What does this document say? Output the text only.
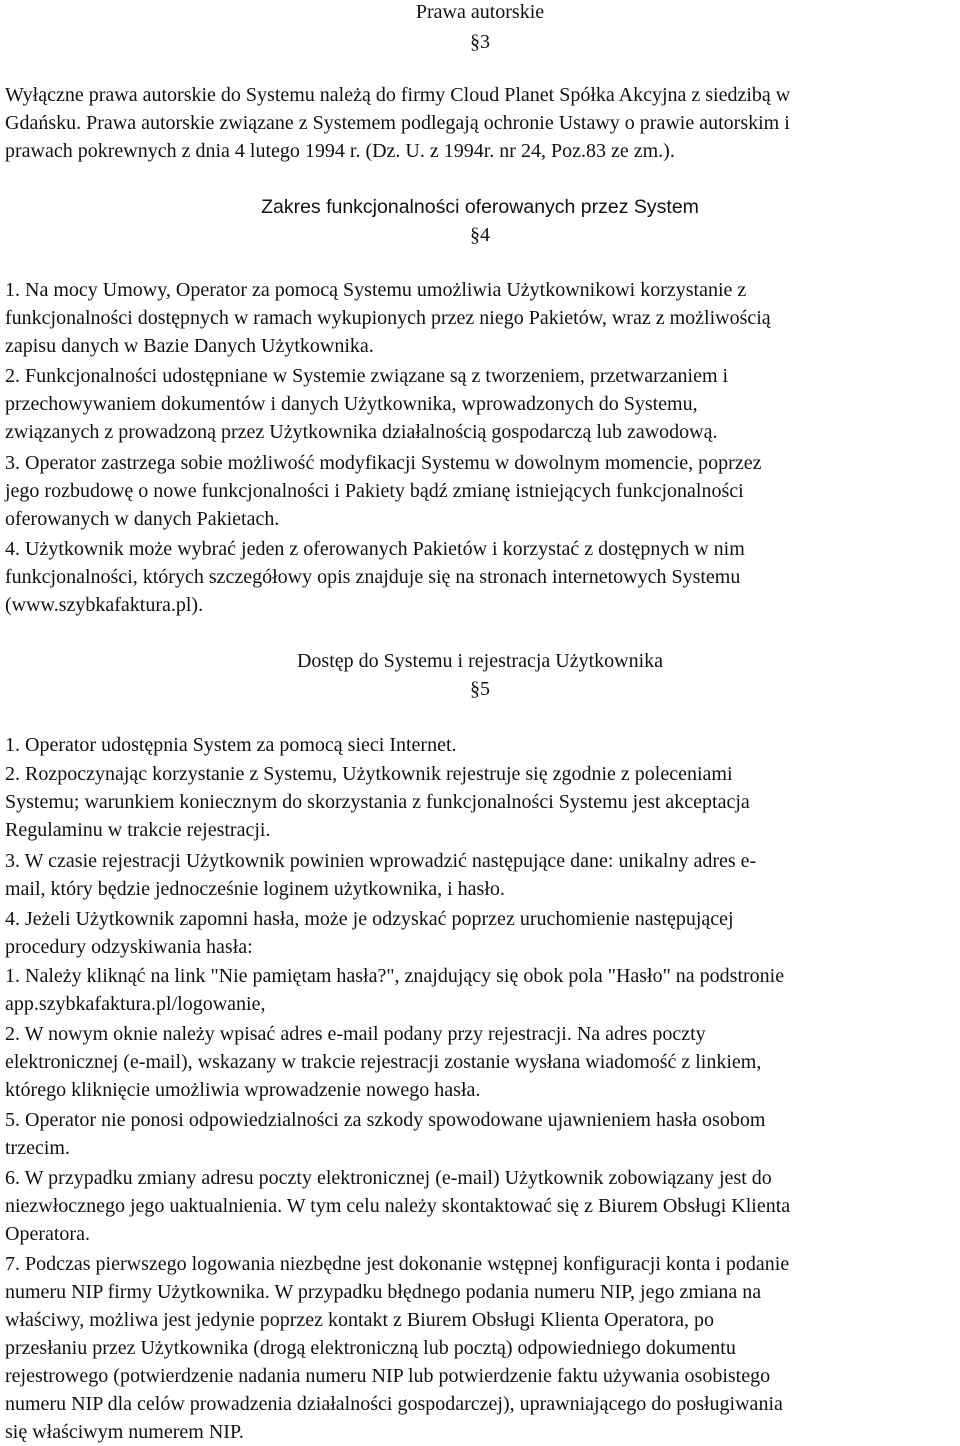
Prawa autorskie
§3
Wyłączne prawa autorskie do Systemu należą do firmy Cloud Planet Spółka Akcyjna z siedzibą w
Gdańsku. Prawa autorskie związane z Systemem podlegają ochronie Ustawy o prawie autorskim i
prawach pokrewnych z dnia 4 lutego 1994 r. (Dz. U. z 1994r. nr 24, Poz.83 ze zm.).
Zakres funkcjonalności oferowanych przez System
§4
1. Na mocy Umowy, Operator za pomocą Systemu umożliwia Użytkownikowi korzystanie z
funkcjonalności dostępnych w ramach wykupionych przez niego Pakietów, wraz z możliwością
zapisu danych w Bazie Danych Użytkownika.
2. Funkcjonalności udostępniane w Systemie związane są z tworzeniem, przetwarzaniem i
przechowywaniem dokumentów i danych Użytkownika, wprowadzonych do Systemu,
związanych z prowadzoną przez Użytkownika działalnością gospodarczą lub zawodową.
3. Operator zastrzega sobie możliwość modyfikacji Systemu w dowolnym momencie, poprzez
jego rozbudowę o nowe funkcjonalności i Pakiety bądź zmianę istniejących funkcjonalności
oferowanych w danych Pakietach.
4. Użytkownik może wybrać jeden z oferowanych Pakietów i korzystać z dostępnych w nim
funkcjonalności, których szczegółowy opis znajduje się na stronach internetowych Systemu
(www.szybkafaktura.pl).
Dostęp do Systemu i rejestracja Użytkownika
§5
1. Operator udostępnia System za pomocą sieci Internet.
2. Rozpoczynając korzystanie z Systemu, Użytkownik rejestruje się zgodnie z poleceniami
Systemu; warunkiem koniecznym do skorzystania z funkcjonalności Systemu jest akceptacja
Regulaminu w trakcie rejestracji.
3. W czasie rejestracji Użytkownik powinien wprowadzić następujące dane: unikalny adres e-
mail, który będzie jednocześnie loginem użytkownika, i hasło.
4. Jeżeli Użytkownik zapomni hasła, może je odzyskać poprzez uruchomienie następującej
procedury odzyskiwania hasła:
1. Należy kliknąć na link "Nie pamiętam hasła?", znajdujący się obok pola "Hasło" na podstronie
app.szybkafaktura.pl/logowanie,
2. W nowym oknie należy wpisać adres e-mail podany przy rejestracji. Na adres poczty
elektronicznej (e-mail), wskazany w trakcie rejestracji zostanie wysłana wiadomość z linkiem,
którego kliknięcie umożliwia wprowadzenie nowego hasła.
5. Operator nie ponosi odpowiedzialności za szkody spowodowane ujawnieniem hasła osobom
trzecim.
6. W przypadku zmiany adresu poczty elektronicznej (e-mail) Użytkownik zobowiązany jest do
niezwłocznego jego uaktualnienia. W tym celu należy skontaktować się z Biurem Obsługi Klienta
Operatora.
7. Podczas pierwszego logowania niezbędne jest dokonanie wstępnej konfiguracji konta i podanie
numeru NIP firmy Użytkownika. W przypadku błędnego podania numeru NIP, jego zmiana na
właściwy, możliwa jest jedynie poprzez kontakt z Biurem Obsługi Klienta Operatora, po
przesłaniu przez Użytkownika (drogą elektroniczną lub pocztą) odpowiedniego dokumentu
rejestrowego (potwierdzenie nadania numeru NIP lub potwierdzenie faktu używania osobistego
numeru NIP dla celów prowadzenia działalności gospodarczej), uprawniającego do posługiwania
się właściwym numerem NIP.
